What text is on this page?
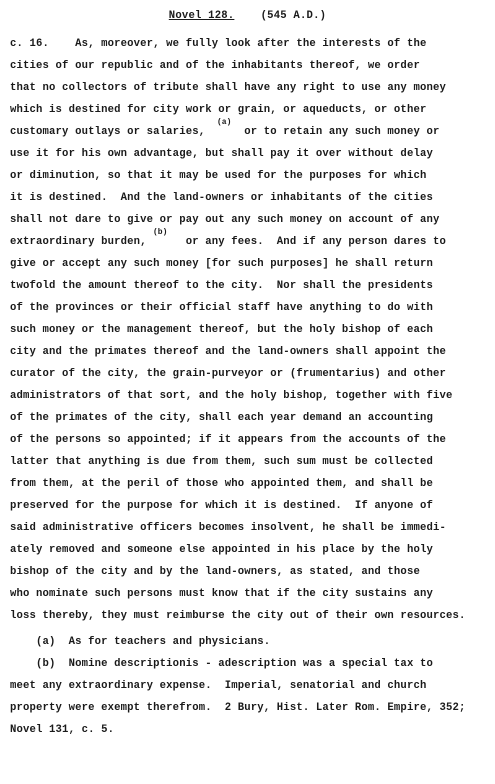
Novel 128. (545 A.D.)
c. 16.    As, moreover, we fully look after the interests of the
cities of our republic and of the inhabitants thereof, we order
that no collectors of tribute shall have any right to use any money
which is destined for city work or grain, or aqueducts, or other
customary outlays or salaries,      or to retain any such money or
use it for his own advantage, but shall pay it over without delay
or diminution, so that it may be used for the purposes for which
it is destined.  And the land-owners or inhabitants of the cities
shall not dare to give or pay out any such money on account of any
extraordinary burden,      or any fees.  And if any person dares to
give or accept any such money [for such purposes] he shall return
twofold the amount thereof to the city.  Nor shall the presidents
of the provinces or their official staff have anything to do with
such money or the management thereof, but the holy bishop of each
city and the primates thereof and the land-owners shall appoint the
curator of the city, the grain-purveyor or (frumentarius) and other
administrators of that sort, and the holy bishop, together with five
of the primates of the city, shall each year demand an accounting
of the persons so appointed; if it appears from the accounts of the
latter that anything is due from them, such sum must be collected
from them, at the peril of those who appointed them, and shall be
preserved for the purpose for which it is destined.  If anyone of
said administrative officers becomes insolvent, he shall be immedi-
ately removed and someone else appointed in his place by the holy
bishop of the city and by the land-owners, as stated, and those
who nominate such persons must know that if the city sustains any
loss thereby, they must reimburse the city out of their own resources.
(a)
(b)
(a)  As for teachers and physicians.
(b)  Nomine descriptionis - adescription was a special tax to
meet any extraordinary expense.  Imperial, senatorial and church
property were exempt therefrom.  2 Bury, Hist. Later Rom. Empire, 352;
Novel 131, c. 5.
